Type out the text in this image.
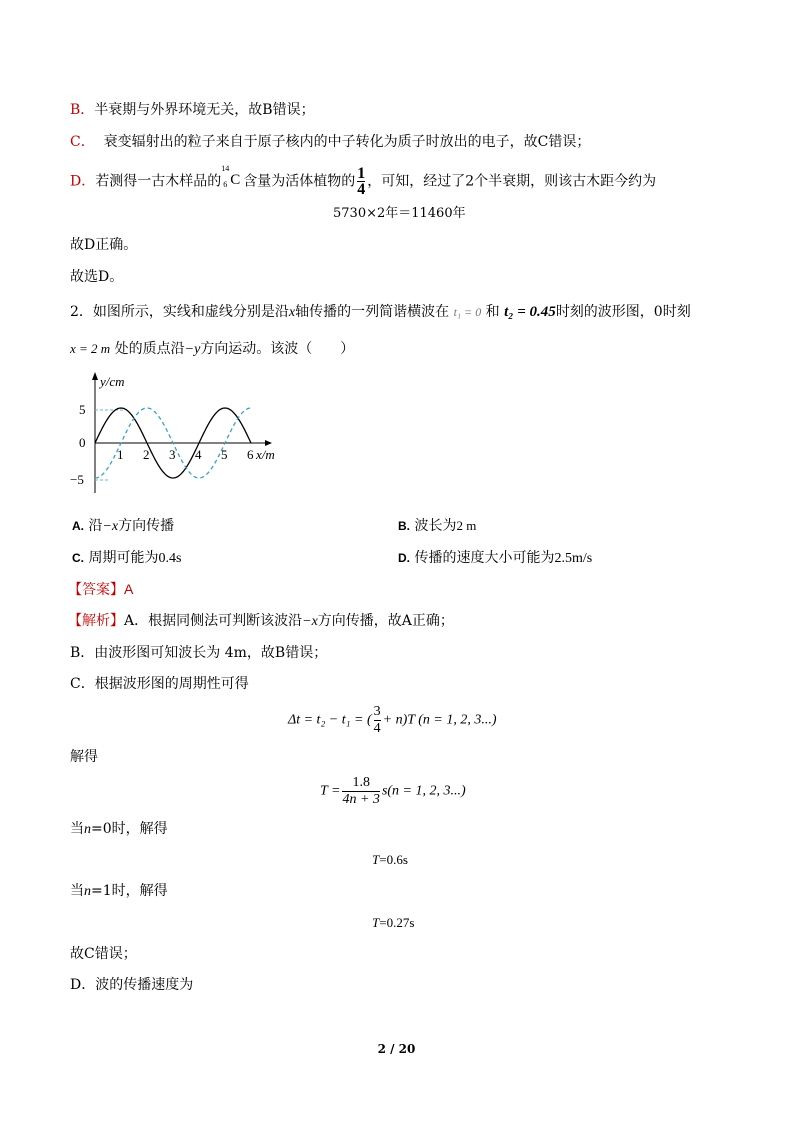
B．半衰期与外界环境无关，故B错误；
C． 衰变辐射出的粒子来自于原子核内的中子转化为质子时放出的电子，故C错误；
D．若测得一古木样品的
14
6 C 含量为活体植物的 $\frac{1}{4}$ ，可知，经过了2个半衰期，则该古木距今约为
5730×2年＝11460年
故D正确。
故选D。
2．如图所示，实线和虚线分别是沿x轴传播的一列简谐横波在 t₁ = 0 和 t₂ = 0.45时刻的波形图，0时刻
x = 2 m 处的质点沿−y方向运动。该波（　　）
y/cm
x/m
5
0
−5
1 2 3 4 5 6
A. 沿−x方向传播	B. 波长为2 m
C. 周期可能为0.4s	D. 传播的速度大小可能为2.5m/s
【答案】A
【解析】A．根据同侧法可判断该波沿−x方向传播，故A正确；
B．由波形图可知波长为 4m，故B错误；
C．根据波形图的周期性可得
Δt = t₂ − t₁ = ( $\frac{3}{4} + n)T$ (n = 1, 2, 3...)
解得
$T = \frac{1.8}{4n + 3} s(n = 1$, 2, 3...)
当n=0时，解得
T=0.6s
当n=1时，解得
T=0.27s
故C错误；
D．波的传播速度为
2 / 20
